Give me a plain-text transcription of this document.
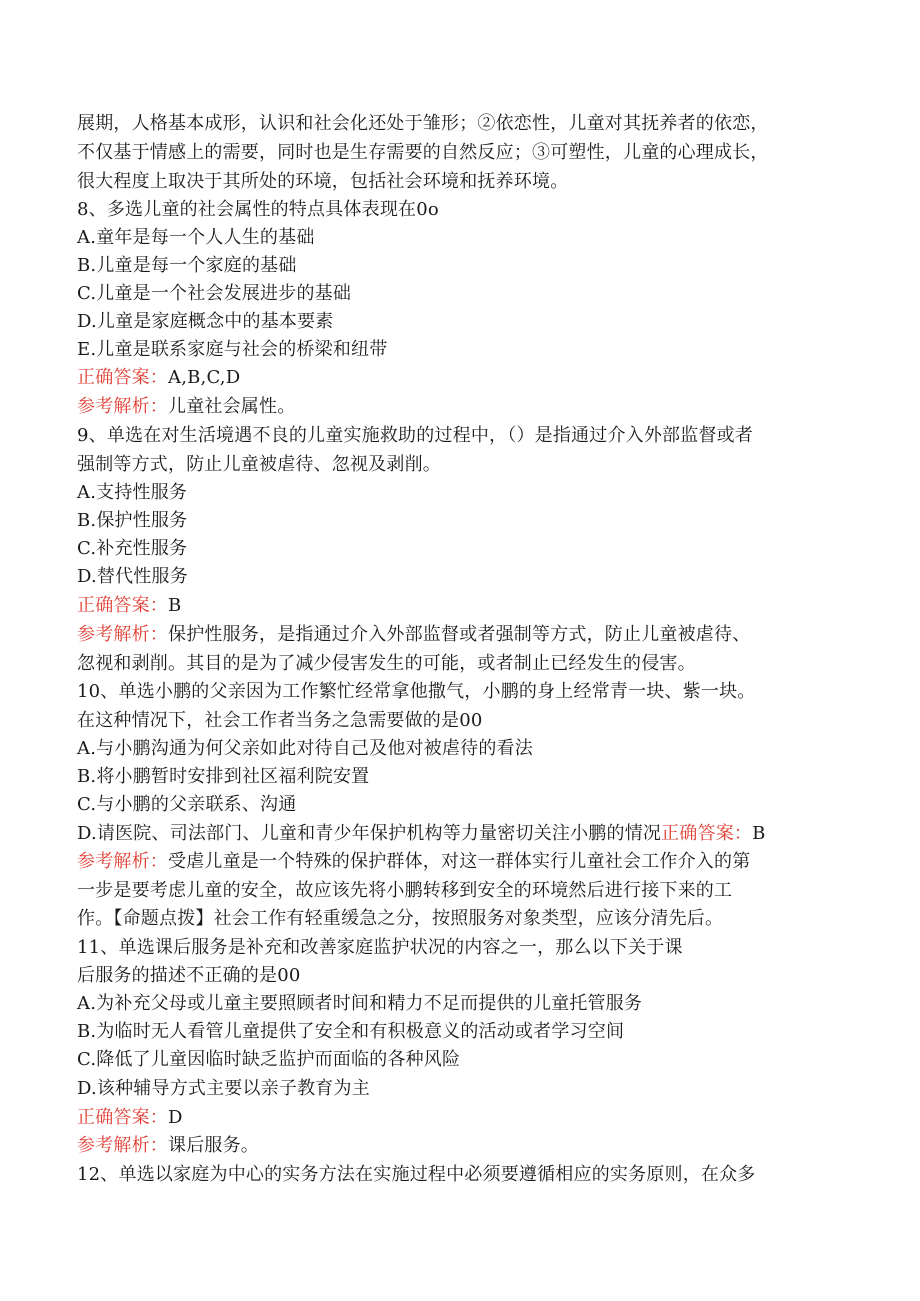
展期，人格基本成形，认识和社会化还处于雏形；②依恋性，儿童对其抚养者的依恋，
不仅基于情感上的需要，同时也是生存需要的自然反应；③可塑性，儿童的心理成长，
很大程度上取决于其所处的环境，包括社会环境和抚养环境。
8、多选儿童的社会属性的特点具体表现在0o
A.童年是每一个人人生的基础
B.儿童是每一个家庭的基础
C.儿童是一个社会发展进步的基础
D.儿童是家庭概念中的基本要素
E.儿童是联系家庭与社会的桥梁和纽带
正确答案：A,B,C,D
参考解析：儿童社会属性。
9、单选在对生活境遇不良的儿童实施救助的过程中，（）是指通过介入外部监督或者
强制等方式，防止儿童被虐待、忽视及剥削。
A.支持性服务
B.保护性服务
C.补充性服务
D.替代性服务
正确答案：B
参考解析：保护性服务，是指通过介入外部监督或者强制等方式，防止儿童被虐待、
忽视和剥削。其目的是为了减少侵害发生的可能，或者制止已经发生的侵害。
10、单选小鹏的父亲因为工作繁忙经常拿他撒气，小鹏的身上经常青一块、紫一块。
在这种情况下，社会工作者当务之急需要做的是00
A.与小鹏沟通为何父亲如此对待自己及他对被虐待的看法
B.将小鹏暂时安排到社区福利院安置
C.与小鹏的父亲联系、沟通
D.请医院、司法部门、儿童和青少年保护机构等力量密切关注小鹏的情况正确答案：B
参考解析：受虐儿童是一个特殊的保护群体，对这一群体实行儿童社会工作介入的第
一步是要考虑儿童的安全，故应该先将小鹏转移到安全的环境然后进行接下来的工
作。【命题点拨】社会工作有轻重缓急之分，按照服务对象类型，应该分清先后。
11、单选课后服务是补充和改善家庭监护状况的内容之一，那么以下关于课
后服务的描述不正确的是00
A.为补充父母或儿童主要照顾者时间和精力不足而提供的儿童托管服务
B.为临时无人看管儿童提供了安全和有积极意义的活动或者学习空间
C.降低了儿童因临时缺乏监护而面临的各种风险
D.该种辅导方式主要以亲子教育为主
正确答案：D
参考解析：课后服务。
12、单选以家庭为中心的实务方法在实施过程中必须要遵循相应的实务原则，在众多
